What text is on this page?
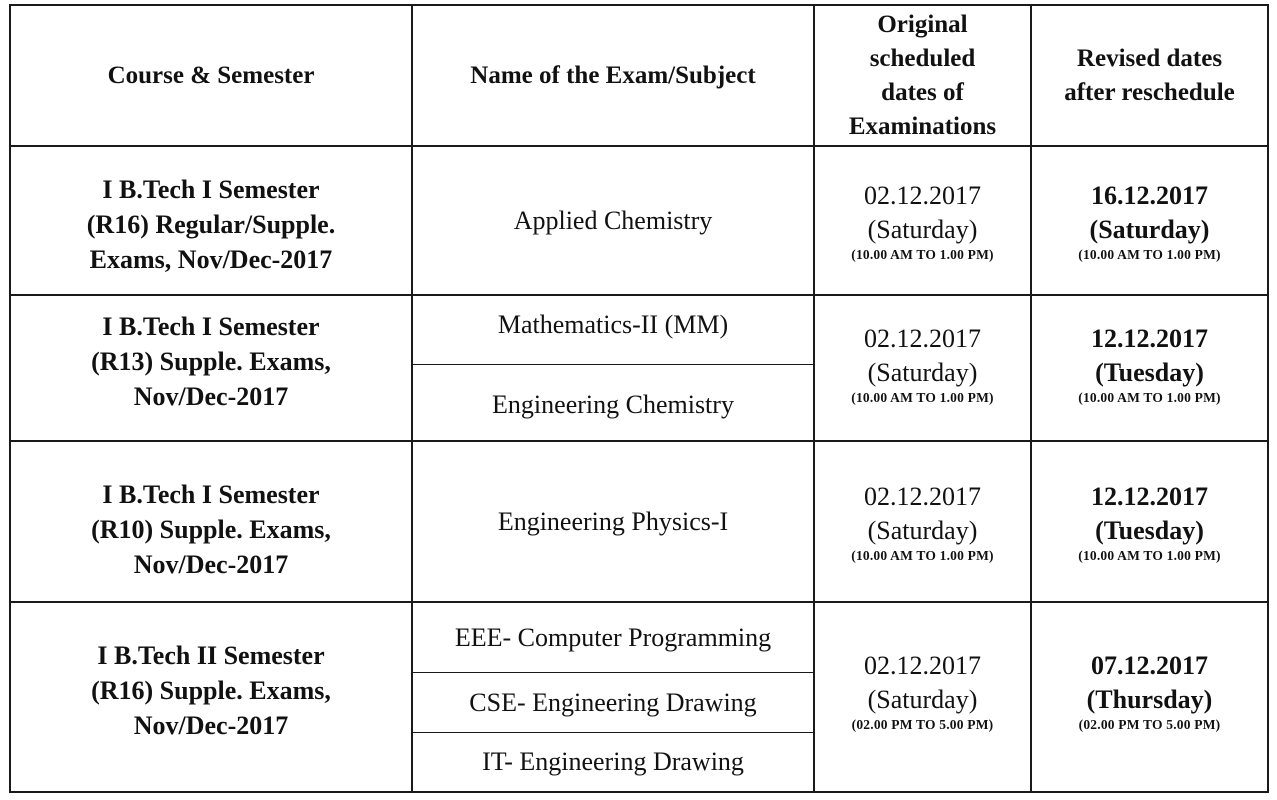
Course & Semester	Name of the Exam/Subject
Original
scheduled
dates of
Examinations
Revised dates
after reschedule
I B.Tech I Semester
(R16) Regular/Supple.
Exams, Nov/Dec-2017
Applied Chemistry
02.12.2017
(Saturday)
(10.00 AM TO 1.00 PM)
16.12.2017
(Saturday)
(10.00 AM TO 1.00 PM)
I B.Tech I Semester
(R13) Supple. Exams,
Nov/Dec-2017
Mathematics-II (MM)
Engineering Chemistry
02.12.2017
(Saturday)
(10.00 AM TO 1.00 PM)
12.12.2017
(Tuesday)
(10.00 AM TO 1.00 PM)
I B.Tech I Semester
(R10) Supple. Exams,
Nov/Dec-2017
Engineering Physics-I
02.12.2017
(Saturday)
(10.00 AM TO 1.00 PM)
12.12.2017
(Tuesday)
(10.00 AM TO 1.00 PM)
I B.Tech II Semester
(R16) Supple. Exams,
Nov/Dec-2017
EEE- Computer Programming
CSE- Engineering Drawing
IT- Engineering Drawing
02.12.2017
(Saturday)
(02.00 PM TO 5.00 PM)
07.12.2017
(Thursday)
(02.00 PM TO 5.00 PM)
